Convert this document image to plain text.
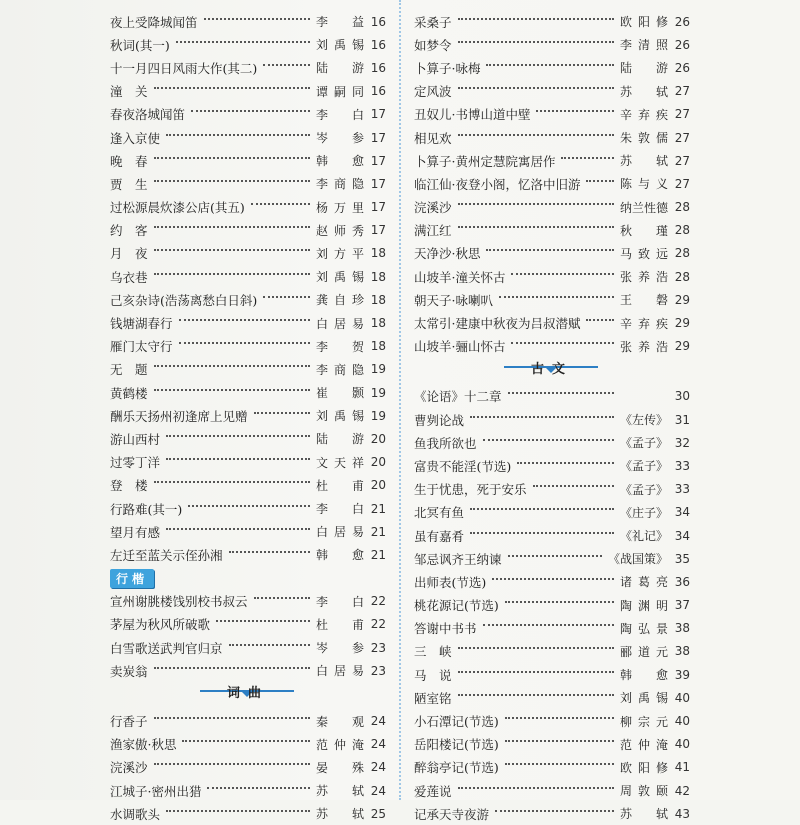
夜上受降城闻笛	李　益 16
秋词(其一)	刘禹锡 16
十一月四日风雨大作(其二)	陆　游 16
潼　关	谭嗣同 16
春夜洛城闻笛	李　白 17
逢入京使	岑　参 17
晚　春	韩　愈 17
贾　生	李商隐 17
过松源晨炊漆公店(其五)	杨万里 17
约　客	赵师秀 17
月　夜	刘方平 18
乌衣巷	刘禹锡 18
己亥杂诗(浩荡离愁白日斜)	龚自珍 18
钱塘湖春行	白居易 18
雁门太守行	李　贺 18
无　题	李商隐 19
黄鹤楼	崔　颢 19
酬乐天扬州初逢席上见赠	刘禹锡 19
游山西村	陆　游 20
过零丁洋	文天祥 20
登　楼	杜　甫 20
行路难(其一)	李　白 21
望月有感	白居易 21
左迁至蓝关示侄孙湘	韩　愈 21
行楷
宣州谢朓楼饯别校书叔云	李　白 22
茅屋为秋风所破歌	杜　甫 22
白雪歌送武判官归京	岑　参 23
卖炭翁	白居易 23
词曲
行香子	秦　观 24
渔家傲·秋思	范仲淹 24
浣溪沙	晏　殊 24
江城子·密州出猎	苏　轼 24
水调歌头	苏　轼 25
采桑子	欧阳修 26
如梦令	李清照 26
卜算子·咏梅	陆　游 26
定风波	苏　轼 27
丑奴儿·书博山道中壁	辛弃疾 27
相见欢	朱敦儒 27
卜算子·黄州定慧院寓居作	苏　轼 27
临江仙·夜登小阁，忆洛中旧游	陈与义 27
浣溪沙	纳兰性德 28
满江红	秋　瑾 28
天净沙·秋思	马致远 28
山坡羊·潼关怀古	张养浩 28
朝天子·咏喇叭	王　磐 29
太常引·建康中秋夜为吕叔潜赋	辛弃疾 29
山坡羊·骊山怀古	张养浩 29
古文
《论语》十二章	30
曹刿论战	《左传》 31
鱼我所欲也	《孟子》 32
富贵不能淫(节选)	《孟子》 33
生于忧患，死于安乐	《孟子》 33
北冥有鱼	《庄子》 34
虽有嘉肴	《礼记》 34
邹忌讽齐王纳谏	《战国策》 35
出师表(节选)	诸葛亮 36
桃花源记(节选)	陶渊明 37
答谢中书书	陶弘景 38
三　峡	郦道元 38
马　说	韩　愈 39
陋室铭	刘禹锡 40
小石潭记(节选)	柳宗元 40
岳阳楼记(节选)	范仲淹 40
醉翁亭记(节选)	欧阳修 41
爱莲说	周敦颐 42
记承天寺夜游	苏　轼 43
